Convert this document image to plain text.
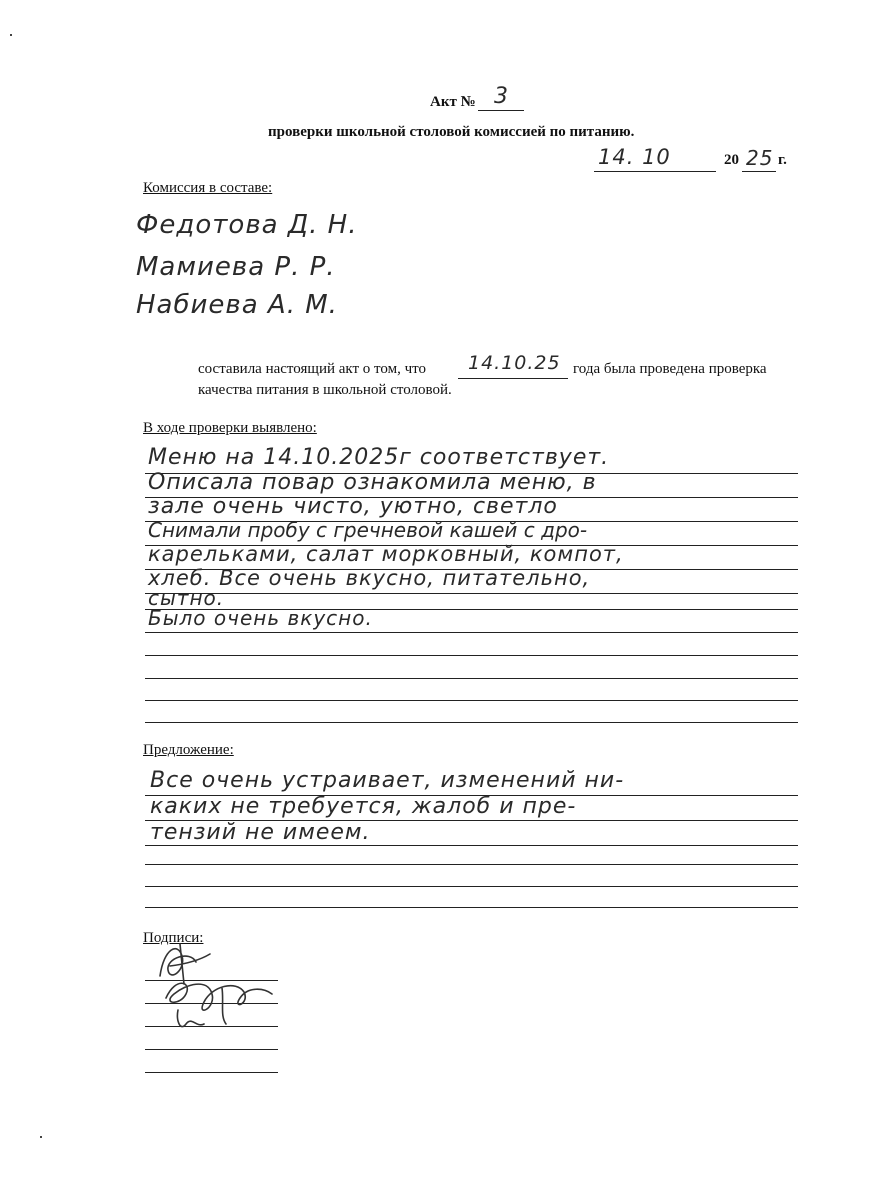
Акт № 3
проверки школьной столовой комиссией по питанию.
14. 10	20 25 г.
Комиссия в составе:
Федотова Д. Н.
Мамиева Р. Р.
Набиева А. М.
составила настоящий акт о том, что 14.10.25 года была проведена проверка
качества питания в школьной столовой.
В ходе проверки выявлено:
Меню на 14.10.2025г соответствует.
Описала повар ознакомила меню, в
зале очень чисто, уютно, светло
Снимали пробу с гречневой кашей с дро-
карельками, салат морковный, компот,
хлеб. Все очень вкусно, питательно,
сытно.
Было очень вкусно.
Предложение:
Все очень устраивает, изменений ни-
каких не требуется, жалоб и пре-
тензий не имеем.
Подписи:
